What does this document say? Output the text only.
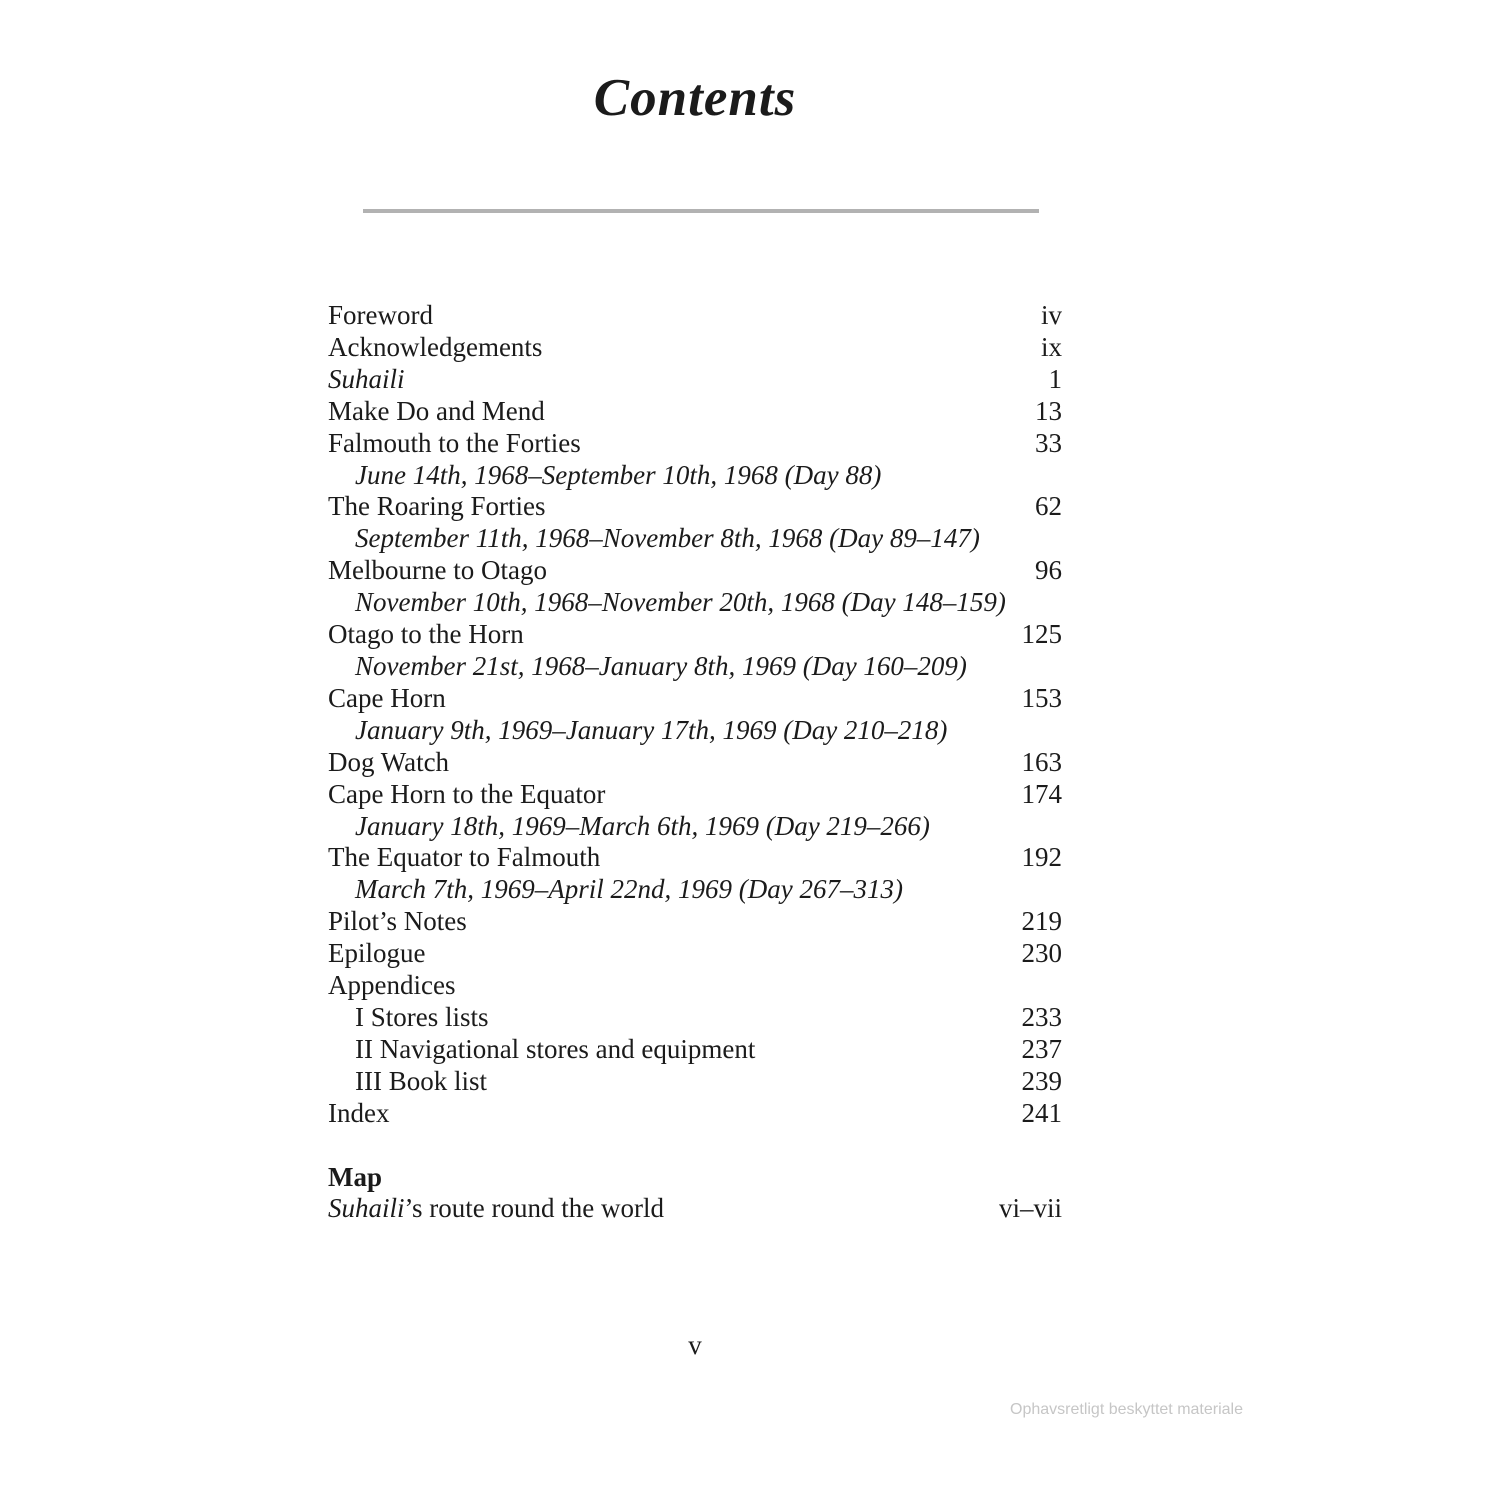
Contents
Foreword	iv
Acknowledgements	ix
Suhaili	1
Make Do and Mend	13
Falmouth to the Forties	33
June 14th, 1968–September 10th, 1968 (Day 88)
The Roaring Forties	62
September 11th, 1968–November 8th, 1968 (Day 89–147)
Melbourne to Otago	96
November 10th, 1968–November 20th, 1968 (Day 148–159)
Otago to the Horn	125
November 21st, 1968–January 8th, 1969 (Day 160–209)
Cape Horn	153
January 9th, 1969–January 17th, 1969 (Day 210–218)
Dog Watch	163
Cape Horn to the Equator	174
January 18th, 1969–March 6th, 1969 (Day 219–266)
The Equator to Falmouth	192
March 7th, 1969–April 22nd, 1969 (Day 267–313)
Pilot’s Notes	219
Epilogue	230
Appendices
I Stores lists	233
II Navigational stores and equipment	237
III Book list	239
Index	241
Map
Suhaili’s route round the world	vi–vii
v
Ophavsretligt beskyttet materiale
